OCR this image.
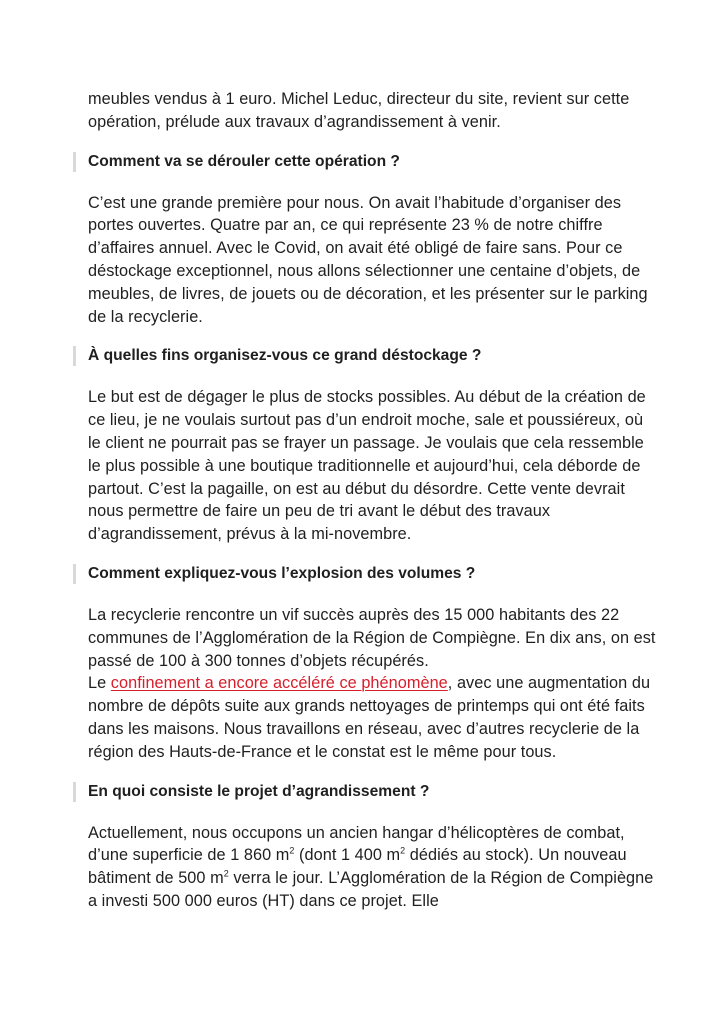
meubles vendus à 1 euro. Michel Leduc, directeur du site, revient sur cette opération, prélude aux travaux d’agrandissement à venir.

Comment va se dérouler cette opération ?

C’est une grande première pour nous. On avait l’habitude d’organiser des portes ouvertes. Quatre par an, ce qui représente 23 % de notre chiffre d’affaires annuel. Avec le Covid, on avait été obligé de faire sans. Pour ce déstockage exceptionnel, nous allons sélectionner une centaine d’objets, de meubles, de livres, de jouets ou de décoration, et les présenter sur le parking de la recyclerie.

À quelles fins organisez-vous ce grand déstockage ?

Le but est de dégager le plus de stocks possibles. Au début de la création de ce lieu, je ne voulais surtout pas d’un endroit moche, sale et poussiéreux, où le client ne pourrait pas se frayer un passage. Je voulais que cela ressemble le plus possible à une boutique traditionnelle et aujourd’hui, cela déborde de partout. C’est la pagaille, on est au début du désordre. Cette vente devrait nous permettre de faire un peu de tri avant le début des travaux d’agrandissement, prévus à la mi-novembre.

Comment expliquez-vous l’explosion des volumes ?

La recyclerie rencontre un vif succès auprès des 15 000 habitants des 22 communes de l’Agglomération de la Région de Compiègne. En dix ans, on est passé de 100 à 300 tonnes d’objets récupérés.
Le confinement a encore accéléré ce phénomène, avec une augmentation du nombre de dépôts suite aux grands nettoyages de printemps qui ont été faits dans les maisons. Nous travaillons en réseau, avec d’autres recyclerie de la région des Hauts-de-France et le constat est le même pour tous.

En quoi consiste le projet d’agrandissement ?

Actuellement, nous occupons un ancien hangar d’hélicoptères de combat, d’une superficie de 1 860 $m^2$ (dont 1 400 $m^2$ dédiés au stock). Un nouveau bâtiment de 500 $m^2$ verra le jour. L’Agglomération de la Région de Compiègne a investi 500 000 euros (HT) dans ce projet. Elle
